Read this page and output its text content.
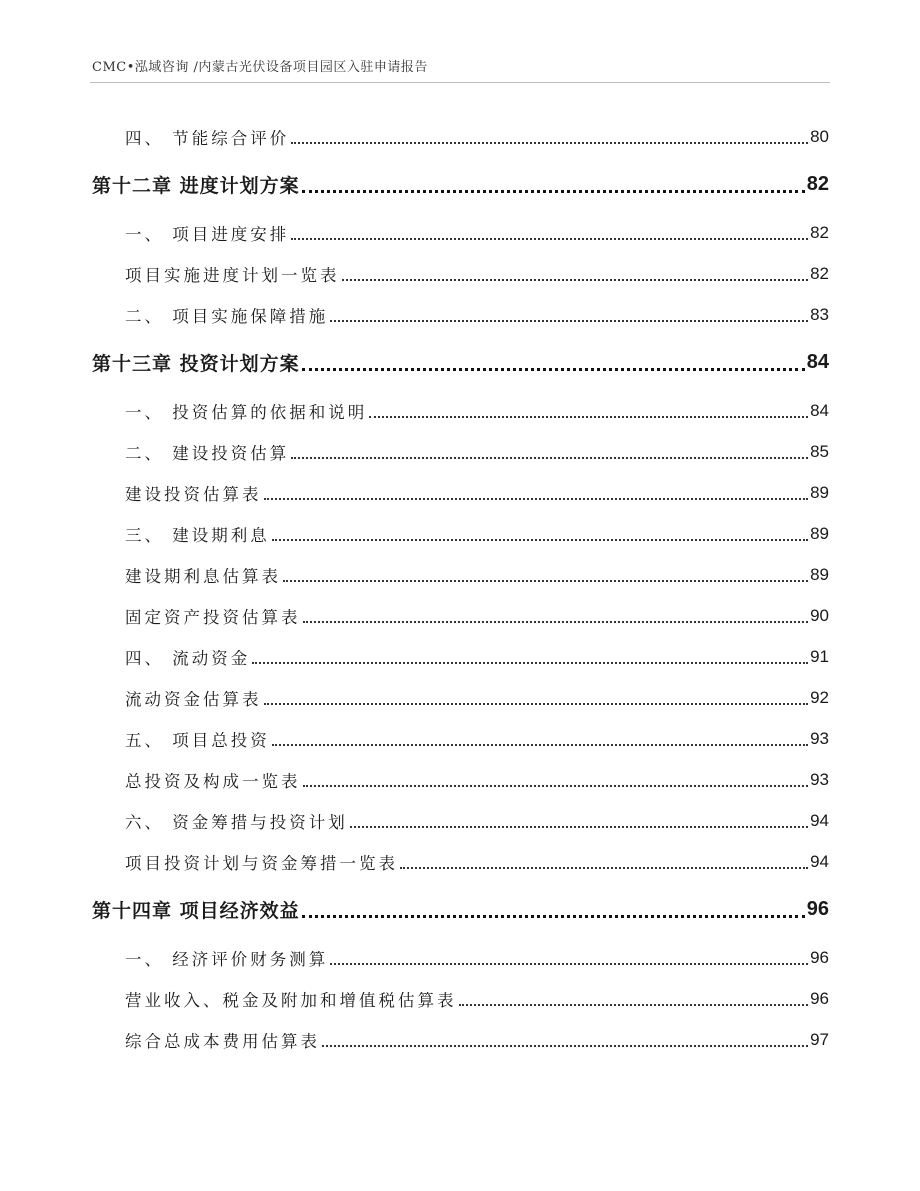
CMC•泓域咨询 /内蒙古光伏设备项目园区入驻申请报告
四、 节能综合评价	80
第十二章 进度计划方案	82
一、 项目进度安排	82
项目实施进度计划一览表	82
二、 项目实施保障措施	83
第十三章 投资计划方案	84
一、 投资估算的依据和说明	84
二、 建设投资估算	85
建设投资估算表	89
三、 建设期利息	89
建设期利息估算表	89
固定资产投资估算表	90
四、 流动资金	91
流动资金估算表	92
五、 项目总投资	93
总投资及构成一览表	93
六、 资金筹措与投资计划	94
项目投资计划与资金筹措一览表	94
第十四章 项目经济效益	96
一、 经济评价财务测算	96
营业收入、税金及附加和增值税估算表	96
综合总成本费用估算表	97
